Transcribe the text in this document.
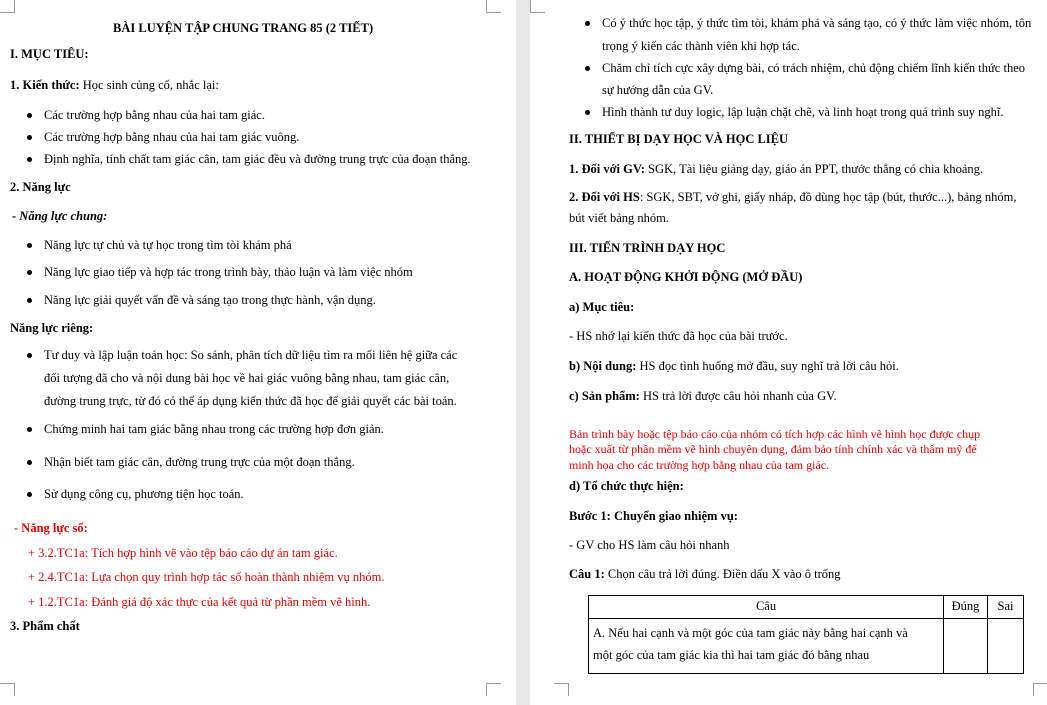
BÀI LUYỆN TẬP CHUNG TRANG 85 (2 TIẾT)
I. MỤC TIÊU:
1. Kiến thức: Học sinh củng cố, nhắc lại:
Các trường hợp bằng nhau của hai tam giác.
Các trường hợp bằng nhau của hai tam giác vuông.
Định nghĩa, tính chất tam giác cân, tam giác đều và đường trung trực của đoạn thẳng.
2. Năng lực
- Năng lực chung:
Năng lực tự chủ và tự học trong tìm tòi khám phá
Năng lực giao tiếp và hợp tác trong trình bày, thảo luận và làm việc nhóm
Năng lực giải quyết vấn đề và sáng tạo trong thực hành, vận dụng.
Năng lực riêng:
Tư duy và lập luận toán học: So sánh, phân tích dữ liệu tìm ra mối liên hệ giữa các
đối tượng đã cho và nội dung bài học về hai giác vuông bằng nhau, tam giác cân,
đường trung trực, từ đó có thể áp dụng kiến thức đã học để giải quyết các bài toán.
Chứng minh hai tam giác bằng nhau trong các trường hợp đơn giản.
Nhận biết tam giác cân, đường trung trực của một đoạn thẳng.
Sử dụng công cụ, phương tiện học toán.
- Năng lực số:
+ 3.2.TC1a: Tích hợp hình vẽ vào tệp báo cáo dự án tam giác.
+ 2.4.TC1a: Lựa chọn quy trình hợp tác số hoàn thành nhiệm vụ nhóm.
+ 1.2.TC1a: Đánh giá độ xác thực của kết quả từ phần mềm vẽ hình.
3. Phẩm chất
Có ý thức học tập, ý thức tìm tòi, khám phá và sáng tạo, có ý thức làm việc nhóm, tôn
trọng ý kiến các thành viên khi hợp tác.
Chăm chỉ tích cực xây dựng bài, có trách nhiệm, chủ động chiếm lĩnh kiến thức theo
sự hướng dẫn của GV.
Hình thành tư duy logic, lập luận chặt chẽ, và linh hoạt trong quá trình suy nghĩ.
II. THIẾT BỊ DẠY HỌC VÀ HỌC LIỆU
1. Đối với GV: SGK, Tài liệu giảng dạy, giáo án PPT, thước thẳng có chia khoảng.
2. Đối với HS: SGK, SBT, vở ghi, giấy nháp, đồ dùng học tập (bút, thước...), bảng nhóm,
bút viết bảng nhóm.
III. TIẾN TRÌNH DẠY HỌC
A. HOẠT ĐỘNG KHỞI ĐỘNG (MỞ ĐẦU)
a) Mục tiêu:
- HS nhớ lại kiến thức đã học của bài trước.
b) Nội dung: HS đọc tình huống mở đầu, suy nghĩ trả lời câu hỏi.
c) Sản phẩm: HS trả lời được câu hỏi nhanh của GV.
Bản trình bày hoặc tệp báo cáo của nhóm có tích hợp các hình vẽ hình học được chụp
hoặc xuất từ phần mềm vẽ hình chuyên dụng, đảm bảo tính chính xác và thẩm mỹ để
minh họa cho các trường hợp bằng nhau của tam giác.
d) Tổ chức thực hiện:
Bước 1: Chuyển giao nhiệm vụ:
- GV cho HS làm câu hỏi nhanh
Câu 1: Chọn câu trả lời đúng. Điền dấu X vào ô trống
Câu	Đúng	Sai

A. Nếu hai cạnh và một góc của tam giác này bằng hai cạnh và
một góc của tam giác kia thì hai tam giác đó bằng nhau		
